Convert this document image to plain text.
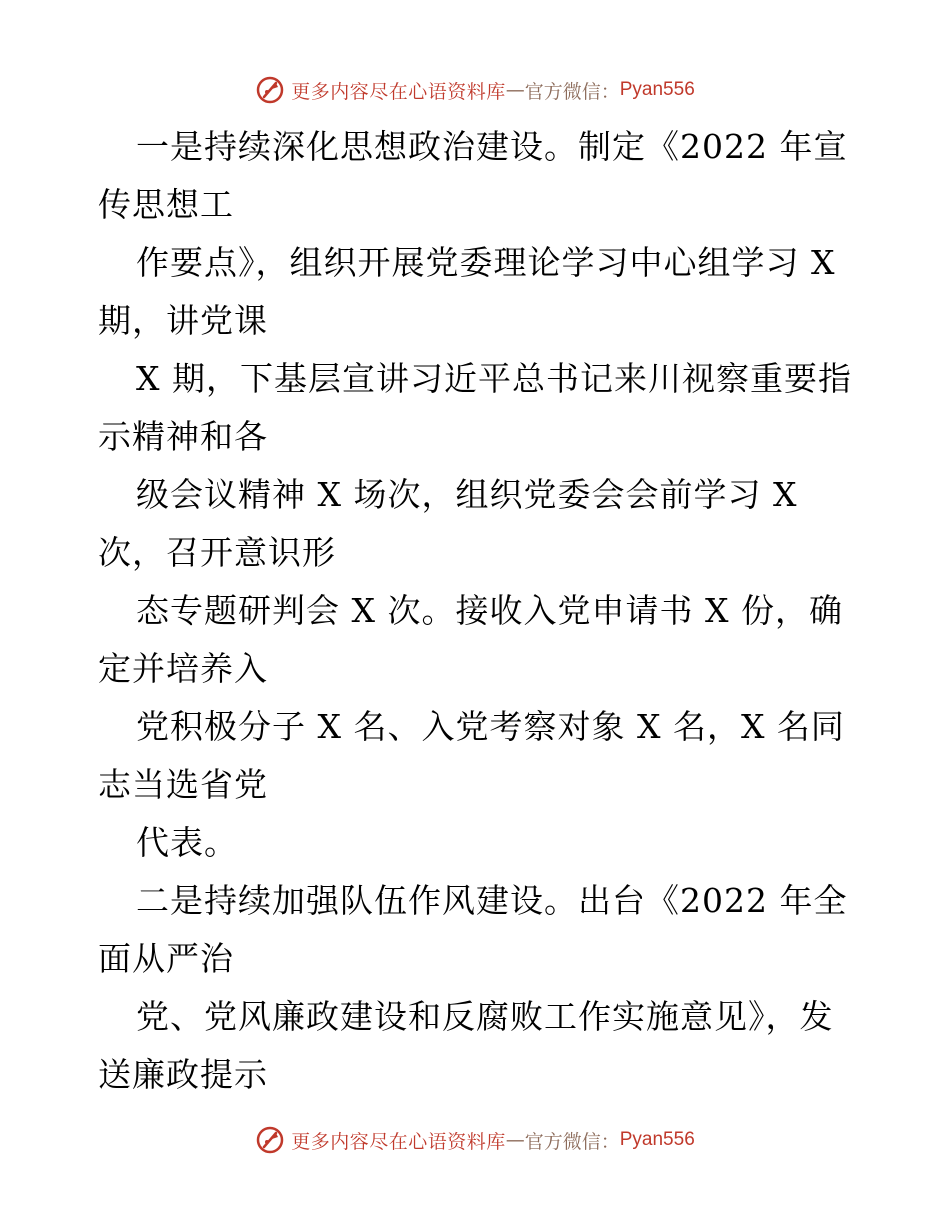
更多内容尽在心语资料库 — 官方微信： Pyan556
一是持续深化思想政治建设。制定《2022 年宣
传思想工
作要点》，组织开展党委理论学习中心组学习 X
期，讲党课
X 期，下基层宣讲习近平总书记来川视察重要指
示精神和各
级会议精神 X 场次，组织党委会会前学习 X
次，召开意识形
态专题研判会 X 次。接收入党申请书 X 份，确
定并培养入
党积极分子 X 名、入党考察对象 X 名，X 名同
志当选省党
代表。
二是持续加强队伍作风建设。出台《2022 年全
面从严治
党、党风廉政建设和反腐败工作实施意见》，发
送廉政提示
更多内容尽在心语资料库 — 官方微信： Pyan556
